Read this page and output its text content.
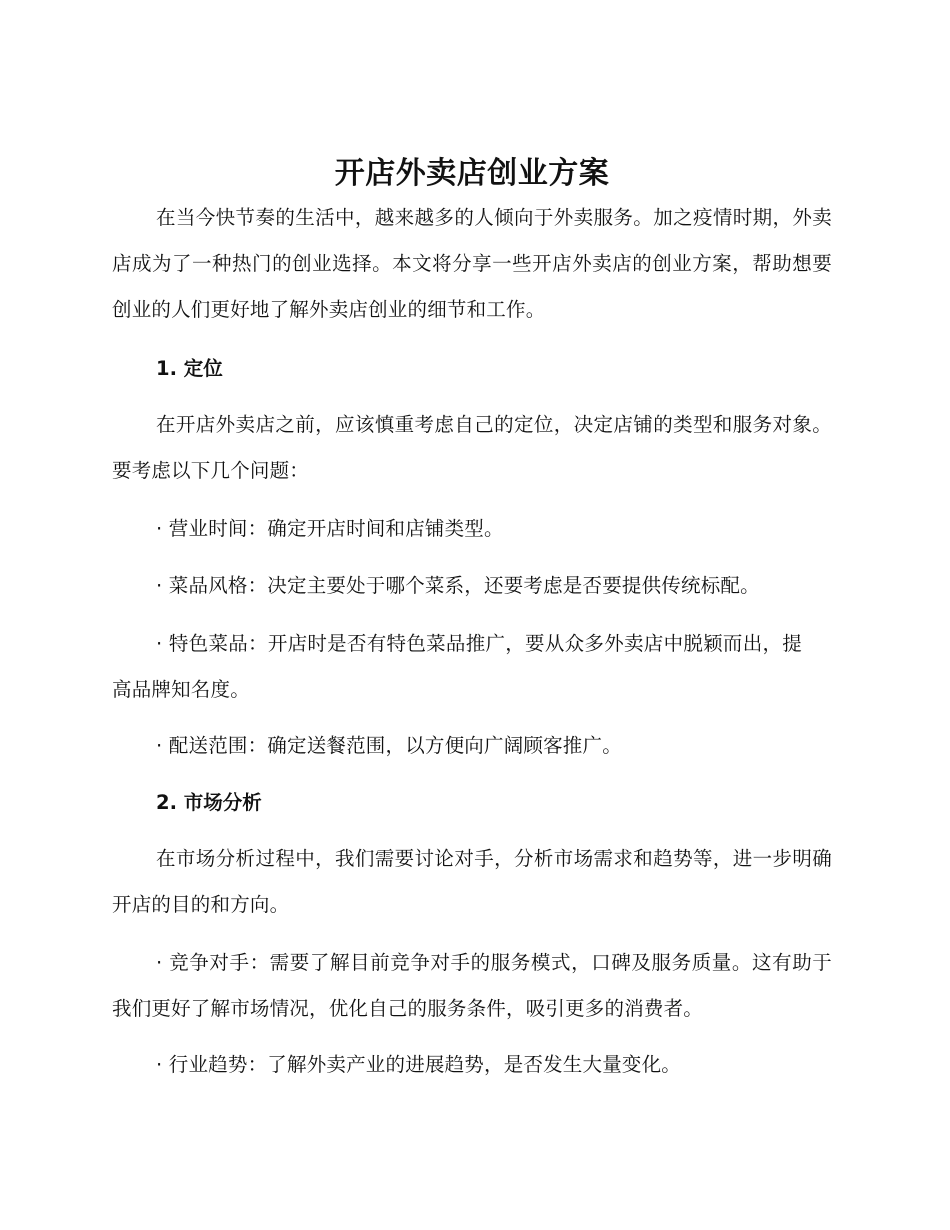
开店外卖店创业方案

在当今快节奏的生活中，越来越多的人倾向于外卖服务。加之疫情时期，外卖店成为了一种热门的创业选择。本文将分享一些开店外卖店的创业方案，帮助想要创业的人们更好地了解外卖店创业的细节和工作。

1. 定位

在开店外卖店之前，应该慎重考虑自己的定位，决定店铺的类型和服务对象。要考虑以下几个问题：

· 营业时间：确定开店时间和店铺类型。

· 菜品风格：决定主要处于哪个菜系，还要考虑是否要提供传统标配。

· 特色菜品：开店时是否有特色菜品推广，要从众多外卖店中脱颖而出，提高品牌知名度。

· 配送范围：确定送餐范围，以方便向广阔顾客推广。

2. 市场分析

在市场分析过程中，我们需要讨论对手，分析市场需求和趋势等，进一步明确开店的目的和方向。

· 竞争对手：需要了解目前竞争对手的服务模式，口碑及服务质量。这有助于我们更好了解市场情况，优化自己的服务条件，吸引更多的消费者。

· 行业趋势：了解外卖产业的进展趋势，是否发生大量变化。
